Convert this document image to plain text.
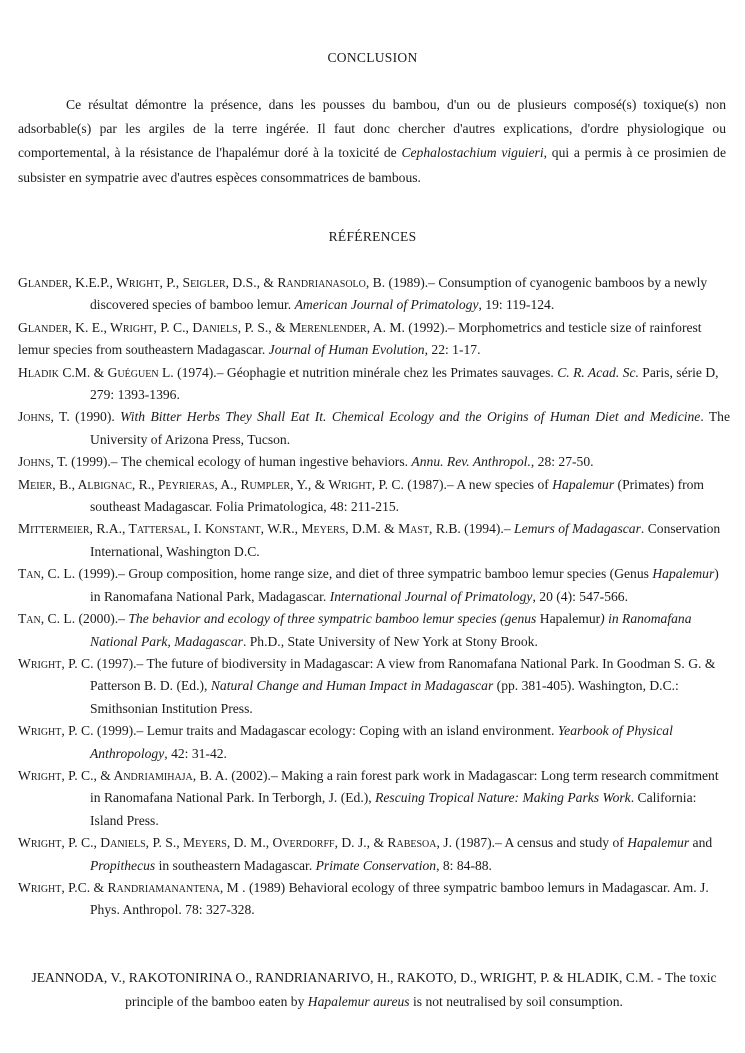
CONCLUSION

Ce résultat démontre la présence, dans les pousses du bambou, d'un ou de plusieurs composé(s) toxique(s) non adsorbable(s) par les argiles de la terre ingérée. Il faut donc chercher d'autres explications, d'ordre physiologique ou comportemental, à la résistance de l'hapalémur doré à la toxicité de Cephalostachium viguieri, qui a permis à ce prosimien de subsister en sympatrie avec d'autres espèces consommatrices de bambous.

RÉFÉRENCES
Glander, K.E.P., Wright, P., Seigler, D.S., & Randrianasolo, B. (1989).– Consumption of cyanogenic bamboos by a newly discovered species of bamboo lemur. American Journal of Primatology, 19: 119-124.
Glander, K. E., Wright, P. C., Daniels, P. S., & Merenlender, A. M. (1992).– Morphometrics and testicle size of rainforest lemur species from southeastern Madagascar. Journal of Human Evolution, 22: 1-17.
Hladik C.M. & Guéguen L. (1974).– Géophagie et nutrition minérale chez les Primates sauvages. C. R. Acad. Sc. Paris, série D, 279: 1393-1396.
Johns, T. (1990). With Bitter Herbs They Shall Eat It. Chemical Ecology and the Origins of Human Diet and Medicine. The University of Arizona Press, Tucson.
Johns, T. (1999).– The chemical ecology of human ingestive behaviors. Annu. Rev. Anthropol., 28: 27-50.
Meier, B., Albignac, R., Peyrieras, A., Rumpler, Y., & Wright, P. C. (1987).– A new species of Hapalemur (Primates) from southeast Madagascar. Folia Primatologica, 48: 211-215.
Mittermeier, R.A., Tattersal, I. Konstant, W.R., Meyers, D.M. & Mast, R.B. (1994).– Lemurs of Madagascar. Conservation International, Washington D.C.
Tan, C. L. (1999).– Group composition, home range size, and diet of three sympatric bamboo lemur species (Genus Hapalemur) in Ranomafana National Park, Madagascar. International Journal of Primatology, 20 (4): 547-566.
Tan, C. L. (2000).– The behavior and ecology of three sympatric bamboo lemur species (genus Hapalemur) in Ranomafana National Park, Madagascar. Ph.D., State University of New York at Stony Brook.
Wright, P. C. (1997).– The future of biodiversity in Madagascar: A view from Ranomafana National Park. In Goodman S. G. & Patterson B. D. (Ed.), Natural Change and Human Impact in Madagascar (pp. 381-405). Washington, D.C.: Smithsonian Institution Press.
Wright, P. C. (1999).– Lemur traits and Madagascar ecology: Coping with an island environment. Yearbook of Physical Anthropology, 42: 31-42.
Wright, P. C., & Andriamihaja, B. A. (2002).– Making a rain forest park work in Madagascar: Long term research commitment in Ranomafana National Park. In Terborgh, J. (Ed.), Rescuing Tropical Nature: Making Parks Work. California: Island Press.
Wright, P. C., Daniels, P. S., Meyers, D. M., Overdorff, D. J., & Rabesoa, J. (1987).– A census and study of Hapalemur and Propithecus in southeastern Madagascar. Primate Conservation, 8: 84-88.
Wright, P.C. & Randriamanantena, M . (1989) Behavioral ecology of three sympatric bamboo lemurs in Madagascar. Am. J. Phys. Anthropol. 78: 327-328.

JEANNODA, V., RAKOTONIRINA O., RANDRIANARIVO, H., RAKOTO, D., WRIGHT, P. & HLADIK, C.M. - The toxic principle of the bamboo eaten by Hapalemur aureus is not neutralised by soil consumption.
